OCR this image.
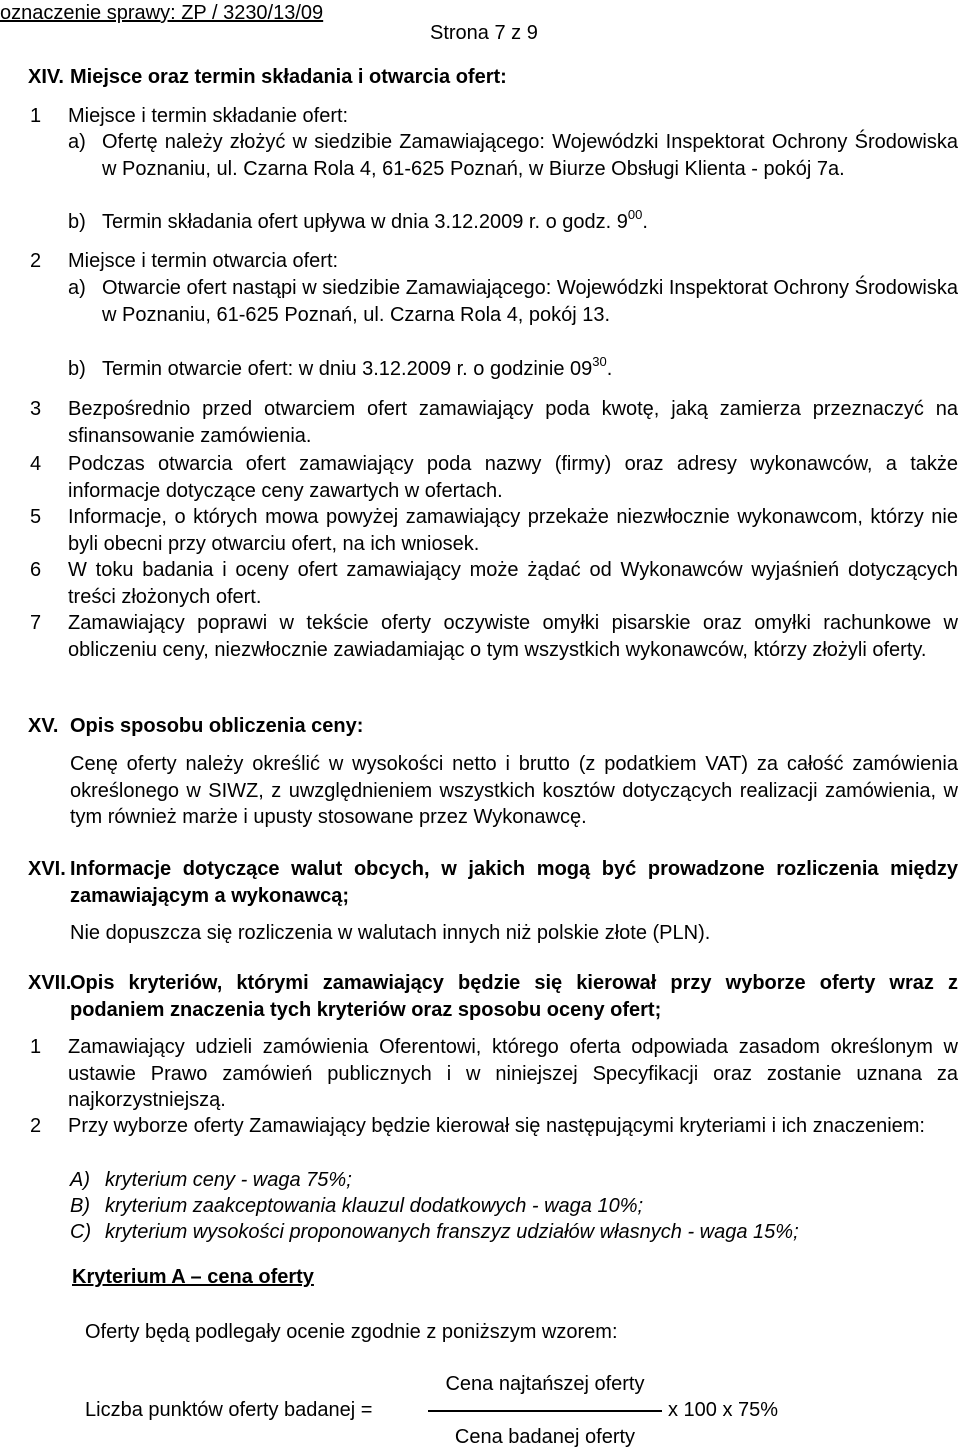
oznaczenie sprawy: ZP / 3230/13/09
Strona 7 z 9
XIV. Miejsce oraz termin składania i otwarcia ofert:
1 Miejsce i termin składanie ofert:
a) Ofertę należy złożyć w siedzibie Zamawiającego: Wojewódzki Inspektorat Ochrony Środowiska w Poznaniu, ul. Czarna Rola 4, 61-625 Poznań, w Biurze Obsługi Klienta - pokój 7a.
b) Termin składania ofert upływa w dnia 3.12.2009 r. o godz. $9^{00}$.
2 Miejsce i termin otwarcia ofert:
a) Otwarcie ofert nastąpi w siedzibie Zamawiającego: Wojewódzki Inspektorat Ochrony Środowiska w Poznaniu, 61-625 Poznań, ul. Czarna Rola 4, pokój 13.
b) Termin otwarcie ofert: w dniu 3.12.2009 r. o godzinie $09^{30}$.
3 Bezpośrednio przed otwarciem ofert zamawiający poda kwotę, jaką zamierza przeznaczyć na sfinansowanie zamówienia.
4 Podczas otwarcia ofert zamawiający poda nazwy (firmy) oraz adresy wykonawców, a także informacje dotyczące ceny zawartych w ofertach.
5 Informacje, o których mowa powyżej zamawiający przekaże niezwłocznie wykonawcom, którzy nie byli obecni przy otwarciu ofert, na ich wniosek.
6 W toku badania i oceny ofert zamawiający może żądać od Wykonawców wyjaśnień dotyczących treści złożonych ofert.
7 Zamawiający poprawi w tekście oferty oczywiste omyłki pisarskie oraz omyłki rachunkowe w obliczeniu ceny, niezwłocznie zawiadamiając o tym wszystkich wykonawców, którzy złożyli oferty.
XV. Opis sposobu obliczenia ceny:
Cenę oferty należy określić w wysokości netto i brutto (z podatkiem VAT) za całość zamówienia określonego w SIWZ, z uwzględnieniem wszystkich kosztów dotyczących realizacji zamówienia, w tym również marże i upusty stosowane przez Wykonawcę.
XVI. Informacje dotyczące walut obcych, w jakich mogą być prowadzone rozliczenia między zamawiającym a wykonawcą;
Nie dopuszcza się rozliczenia w walutach innych niż polskie złote (PLN).
XVII.
Opis kryteriów, którymi zamawiający będzie się kierował przy wyborze oferty wraz z podaniem znaczenia tych kryteriów oraz sposobu oceny ofert;
1 Zamawiający udzieli zamówienia Oferentowi, którego oferta odpowiada zasadom określonym w ustawie Prawo zamówień publicznych i w niniejszej Specyfikacji oraz zostanie uznana za najkorzystniejszą.
2 Przy wyborze oferty Zamawiający będzie kierował się następującymi kryteriami i ich znaczeniem:
A) kryterium ceny - waga 75%;
B) kryterium zaakceptowania klauzul dodatkowych - waga 10%;
C) kryterium wysokości proponowanych franszyz udziałów własnych - waga 15%;
Kryterium A – cena oferty
Oferty będą podlegały ocenie zgodnie z poniższym wzorem:
Liczba punktów oferty badanej =
Cena najtańszej oferty
Cena badanej oferty
x 100 x 75%
